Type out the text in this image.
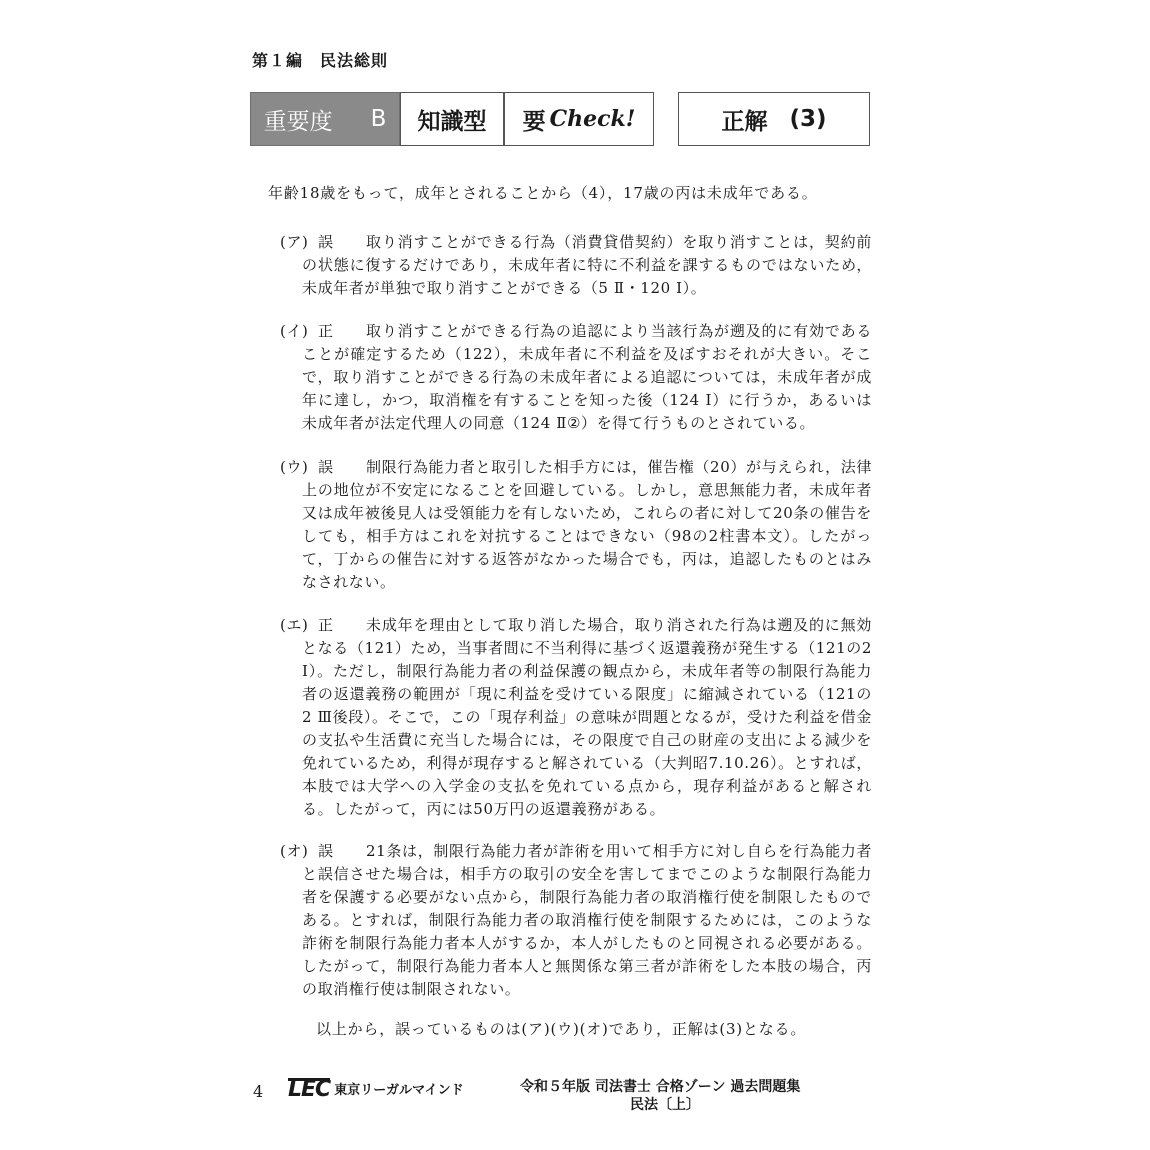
第１編　民法総則
重要度 B	知識型	要 Check!	正解 (3)
年齢18歳をもって，成年とされることから（4），17歳の丙は未成年である。
(ア) 誤	取り消すことができる行為（消費貸借契約）を取り消すことは，契約前の状態に復するだけであり，未成年者に特に不利益を課するものではないため，未成年者が単独で取り消すことができる（5 Ⅱ・120 Ⅰ）。
(イ) 正	取り消すことができる行為の追認により当該行為が遡及的に有効であることが確定するため（122），未成年者に不利益を及ぼすおそれが大きい。そこで，取り消すことができる行為の未成年者による追認については，未成年者が成年に達し，かつ，取消権を有することを知った後（124 Ⅰ）に行うか，あるいは未成年者が法定代理人の同意（124 Ⅱ②）を得て行うものとされている。
(ウ) 誤	制限行為能力者と取引した相手方には，催告権（20）が与えられ，法律上の地位が不安定になることを回避している。しかし，意思無能力者，未成年者又は成年被後見人は受領能力を有しないため，これらの者に対して20条の催告をしても，相手方はこれを対抗することはできない（98の2柱書本文）。したがって，丁からの催告に対する返答がなかった場合でも，丙は，追認したものとはみなされない。
(エ) 正	未成年を理由として取り消した場合，取り消された行為は遡及的に無効となる（121）ため，当事者間に不当利得に基づく返還義務が発生する（121の2 Ⅰ）。ただし，制限行為能力者の利益保護の観点から，未成年者等の制限行為能力者の返還義務の範囲が「現に利益を受けている限度」に縮減されている（121の2 Ⅲ後段）。そこで，この「現存利益」の意味が問題となるが，受けた利益を借金の支払や生活費に充当した場合には，その限度で自己の財産の支出による減少を免れているため，利得が現存すると解されている（大判昭7.10.26）。とすれば，本肢では大学への入学金の支払を免れている点から，現存利益があると解される。したがって，丙には50万円の返還義務がある。
(オ) 誤	21条は，制限行為能力者が詐術を用いて相手方に対し自らを行為能力者と誤信させた場合は，相手方の取引の安全を害してまでこのような制限行為能力者を保護する必要がない点から，制限行為能力者の取消権行使を制限したものである。とすれば，制限行為能力者の取消権行使を制限するためには，このような詐術を制限行為能力者本人がするか，本人がしたものと同視される必要がある。したがって，制限行為能力者本人と無関係な第三者が詐術をした本肢の場合，丙の取消権行使は制限されない。
以上から，誤っているものは(ア)(ウ)(オ)であり，正解は(3)となる。
4 LEC 東京リーガルマインド	令和５年版 司法書士 合格ゾーン 過去問題集
民法〔上〕
